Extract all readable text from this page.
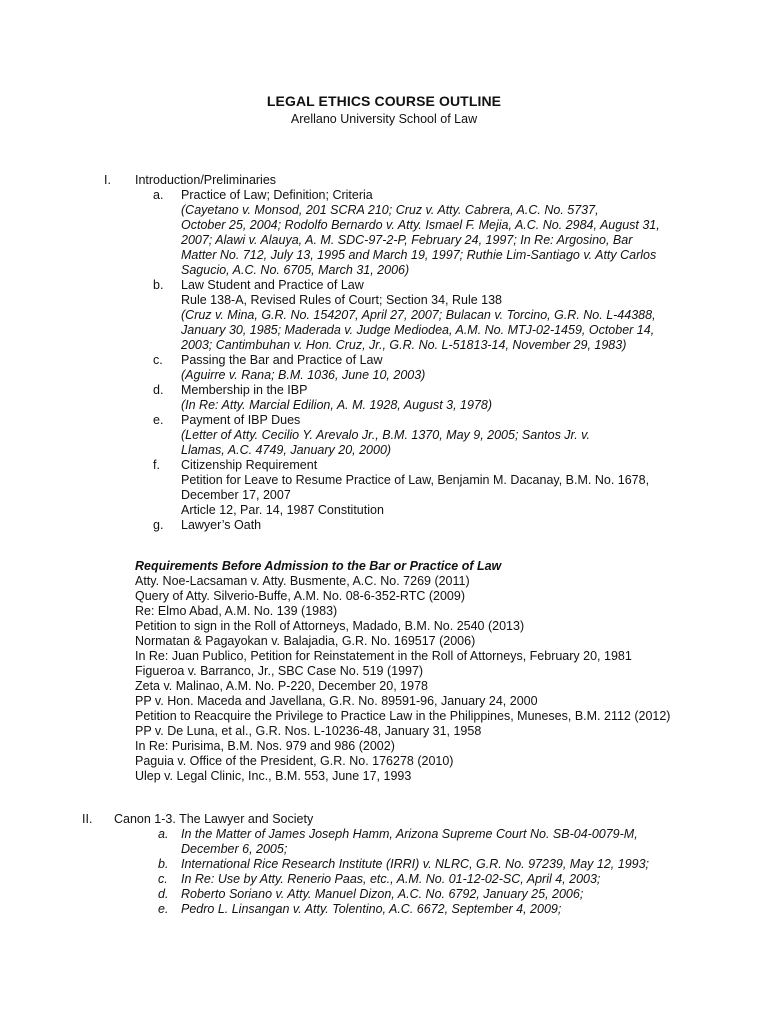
LEGAL ETHICS COURSE OUTLINE
Arellano University School of Law
I. Introduction/Preliminaries
a. Practice of Law; Definition; Criteria
(Cayetano v. Monsod, 201 SCRA 210; Cruz v. Atty. Cabrera, A.C. No. 5737,
October 25, 2004; Rodolfo Bernardo v. Atty. Ismael F. Mejia, A.C. No. 2984, August 31,
2007; Alawi v. Alauya, A. M. SDC-97-2-P, February 24, 1997; In Re: Argosino, Bar
Matter No. 712, July 13, 1995 and March 19, 1997; Ruthie Lim-Santiago v. Atty Carlos
Sagucio, A.C. No. 6705, March 31, 2006)
b. Law Student and Practice of Law
Rule 138-A, Revised Rules of Court; Section 34, Rule 138
(Cruz v. Mina, G.R. No. 154207, April 27, 2007; Bulacan v. Torcino, G.R. No. L-44388,
January 30, 1985; Maderada v. Judge Mediodea, A.M. No. MTJ-02-1459, October 14,
2003; Cantimbuhan v. Hon. Cruz, Jr., G.R. No. L-51813-14, November 29, 1983)
c. Passing the Bar and Practice of Law
(Aguirre v. Rana; B.M. 1036, June 10, 2003)
d. Membership in the IBP
(In Re: Atty. Marcial Edilion, A. M. 1928, August 3, 1978)
e. Payment of IBP Dues
(Letter of Atty. Cecilio Y. Arevalo Jr., B.M. 1370, May 9, 2005; Santos Jr. v.
Llamas, A.C. 4749, January 20, 2000)
f. Citizenship Requirement
Petition for Leave to Resume Practice of Law, Benjamin M. Dacanay, B.M. No. 1678,
December 17, 2007
Article 12, Par. 14, 1987 Constitution
g. Lawyer’s Oath
Requirements Before Admission to the Bar or Practice of Law
Atty. Noe-Lacsaman v. Atty. Busmente, A.C. No. 7269 (2011)
Query of Atty. Silverio-Buffe, A.M. No. 08-6-352-RTC (2009)
Re: Elmo Abad, A.M. No. 139 (1983)
Petition to sign in the Roll of Attorneys, Madado, B.M. No. 2540 (2013)
Normatan & Pagayokan v. Balajadia, G.R. No. 169517 (2006)
In Re: Juan Publico, Petition for Reinstatement in the Roll of Attorneys, February 20, 1981
Figueroa v. Barranco, Jr., SBC Case No. 519 (1997)
Zeta v. Malinao, A.M. No. P-220, December 20, 1978
PP v. Hon. Maceda and Javellana, G.R. No. 89591-96, January 24, 2000
Petition to Reacquire the Privilege to Practice Law in the Philippines, Muneses, B.M. 2112 (2012)
PP v. De Luna, et al., G.R. Nos. L-10236-48, January 31, 1958
In Re: Purisima, B.M. Nos. 979 and 986 (2002)
Paguia v. Office of the President, G.R. No. 176278 (2010)
Ulep v. Legal Clinic, Inc., B.M. 553, June 17, 1993
II. Canon 1-3. The Lawyer and Society
a. In the Matter of James Joseph Hamm, Arizona Supreme Court No. SB-04-0079-M,
December 6, 2005;
b. International Rice Research Institute (IRRI) v. NLRC, G.R. No. 97239, May 12, 1993;
c. In Re: Use by Atty. Renerio Paas, etc., A.M. No. 01-12-02-SC, April 4, 2003;
d. Roberto Soriano v. Atty. Manuel Dizon, A.C. No. 6792, January 25, 2006;
e. Pedro L. Linsangan v. Atty. Tolentino, A.C. 6672, September 4, 2009;
